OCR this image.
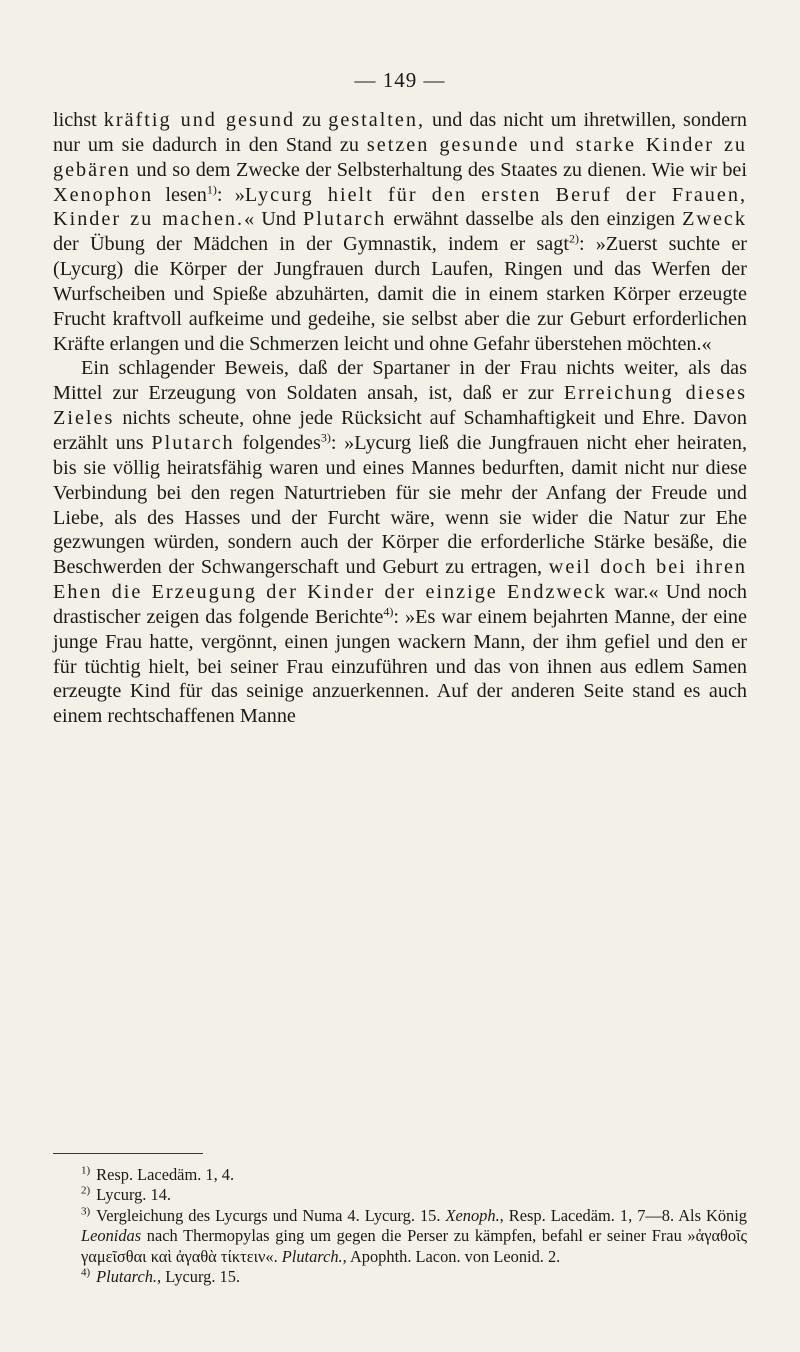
— 149 —

lichst kräftig und gesund zu gestalten, und das nicht um ihretwillen, sondern nur um sie dadurch in den Stand zu setzen gesunde und starke Kinder zu gebären und so dem Zwecke der Selbsterhaltung des Staates zu dienen. Wie wir bei Xenophon lesen$^{1)}$: »Lycurg hielt für den ersten Beruf der Frauen, Kinder zu machen.« Und Plutarch erwähnt dasselbe als den einzigen Zweck der Übung der Mädchen in der Gymnastik, indem er sagt$^{2)}$: »Zuerst suchte er (Lycurg) die Körper der Jungfrauen durch Laufen, Ringen und das Werfen der Wurfscheiben und Spieße abzuhärten, damit die in einem starken Körper erzeugte Frucht kraftvoll aufkeime und gedeihe, sie selbst aber die zur Geburt erforderlichen Kräfte erlangen und die Schmerzen leicht und ohne Gefahr überstehen möchten.«

Ein schlagender Beweis, daß der Spartaner in der Frau nichts weiter, als das Mittel zur Erzeugung von Soldaten ansah, ist, daß er zur Erreichung dieses Zieles nichts scheute, ohne jede Rücksicht auf Schamhaftigkeit und Ehre. Davon erzählt uns Plutarch folgendes$^{3)}$: »Lycurg ließ die Jungfrauen nicht eher heiraten, bis sie völlig heiratsfähig waren und eines Mannes bedurften, damit nicht nur diese Verbindung bei den regen Naturtrieben für sie mehr der Anfang der Freude und Liebe, als des Hasses und der Furcht wäre, wenn sie wider die Natur zur Ehe gezwungen würden, sondern auch der Körper die erforderliche Stärke besäße, die Beschwerden der Schwangerschaft und Geburt zu ertragen, weil doch bei ihren Ehen die Erzeugung der Kinder der einzige Endzweck war.« Und noch drastischer zeigen das folgende Berichte$^{4)}$: »Es war einem bejahrten Manne, der eine junge Frau hatte, vergönnt, einen jungen wackern Mann, der ihm gefiel und den er für tüchtig hielt, bei seiner Frau einzuführen und das von ihnen aus edlem Samen erzeugte Kind für das seinige anzuerkennen. Auf der anderen Seite stand es auch einem rechtschaffenen Manne

$^{1)}$ Resp. Lacedäm. 1, 4.
$^{2)}$ Lycurg. 14.
$^{3)}$ Vergleichung des Lycurgs und Numa 4. Lycurg. 15. Xenoph., Resp. Lacedäm. 1, 7—8. Als König Leonidas nach Thermopylas ging um gegen die Perser zu kämpfen, befahl er seiner Frau »ἀγαθοῖς γαμεῖσθαι καὶ ἀγαθὰ τίκτειν«. Plutarch., Apophth. Lacon. von Leonid. 2.
$^{4)}$ Plutarch., Lycurg. 15.
